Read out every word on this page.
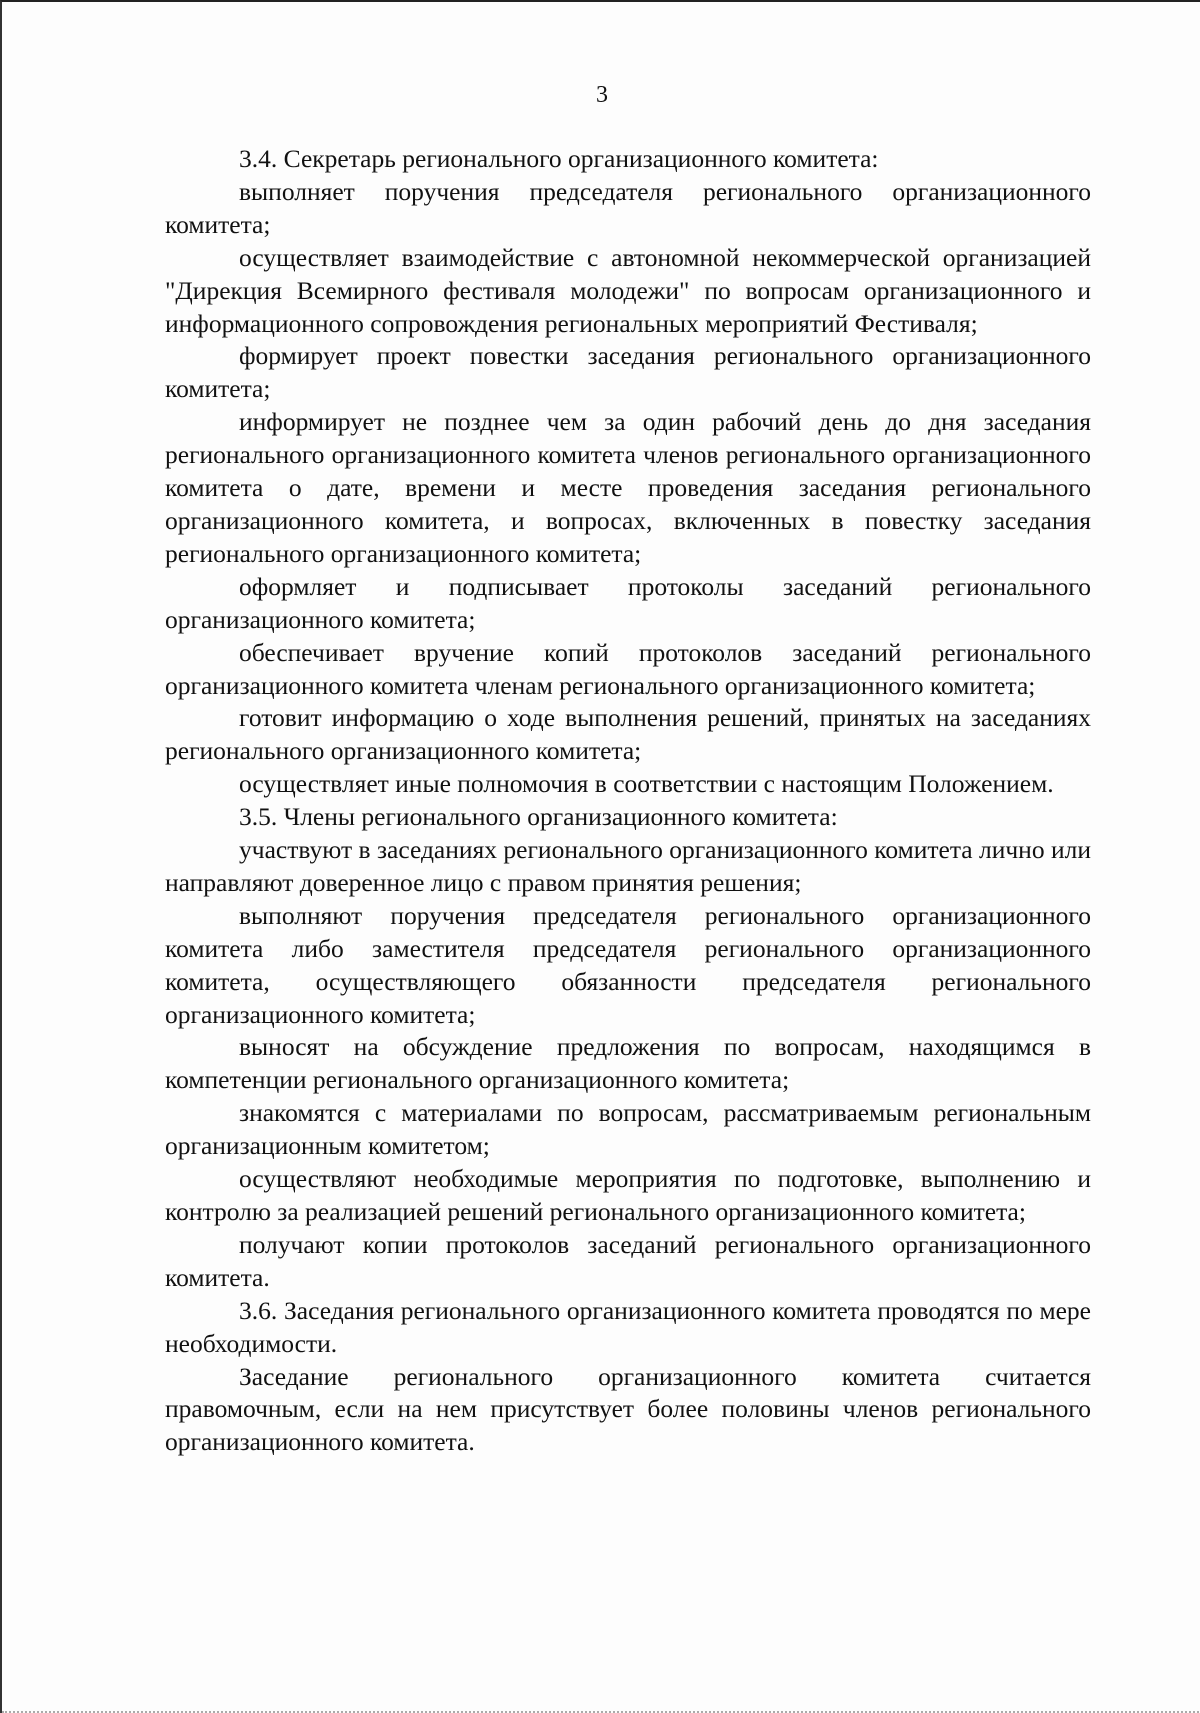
3

3.4. Секретарь регионального организационного комитета:

выполняет поручения председателя регионального организационного комитета;

осуществляет взаимодействие с автономной некоммерческой организацией "Дирекция Всемирного фестиваля молодежи" по вопросам организационного и информационного сопровождения региональных мероприятий Фестиваля;

формирует проект повестки заседания регионального организационного комитета;

информирует не позднее чем за один рабочий день до дня заседания регионального организационного комитета членов регионального организационного комитета о дате, времени и месте проведения заседания регионального организационного комитета, и вопросах, включенных в повестку заседания регионального организационного комитета;

оформляет и подписывает протоколы заседаний регионального организационного комитета;

обеспечивает вручение копий протоколов заседаний регионального организационного комитета членам регионального организационного комитета;

готовит информацию о ходе выполнения решений, принятых на заседаниях регионального организационного комитета;

осуществляет иные полномочия в соответствии с настоящим Положением.

3.5. Члены регионального организационного комитета:

участвуют в заседаниях регионального организационного комитета лично или направляют доверенное лицо с правом принятия решения;

выполняют поручения председателя регионального организационного комитета либо заместителя председателя регионального организационного комитета, осуществляющего обязанности председателя регионального организационного комитета;

выносят на обсуждение предложения по вопросам, находящимся в компетенции регионального организационного комитета;

знакомятся с материалами по вопросам, рассматриваемым региональным организационным комитетом;

осуществляют необходимые мероприятия по подготовке, выполнению и контролю за реализацией решений регионального организационного комитета;

получают копии протоколов заседаний регионального организационного комитета.

3.6. Заседания регионального организационного комитета проводятся по мере необходимости.

Заседание регионального организационного комитета считается правомочным, если на нем присутствует более половины членов регионального организационного комитета.
